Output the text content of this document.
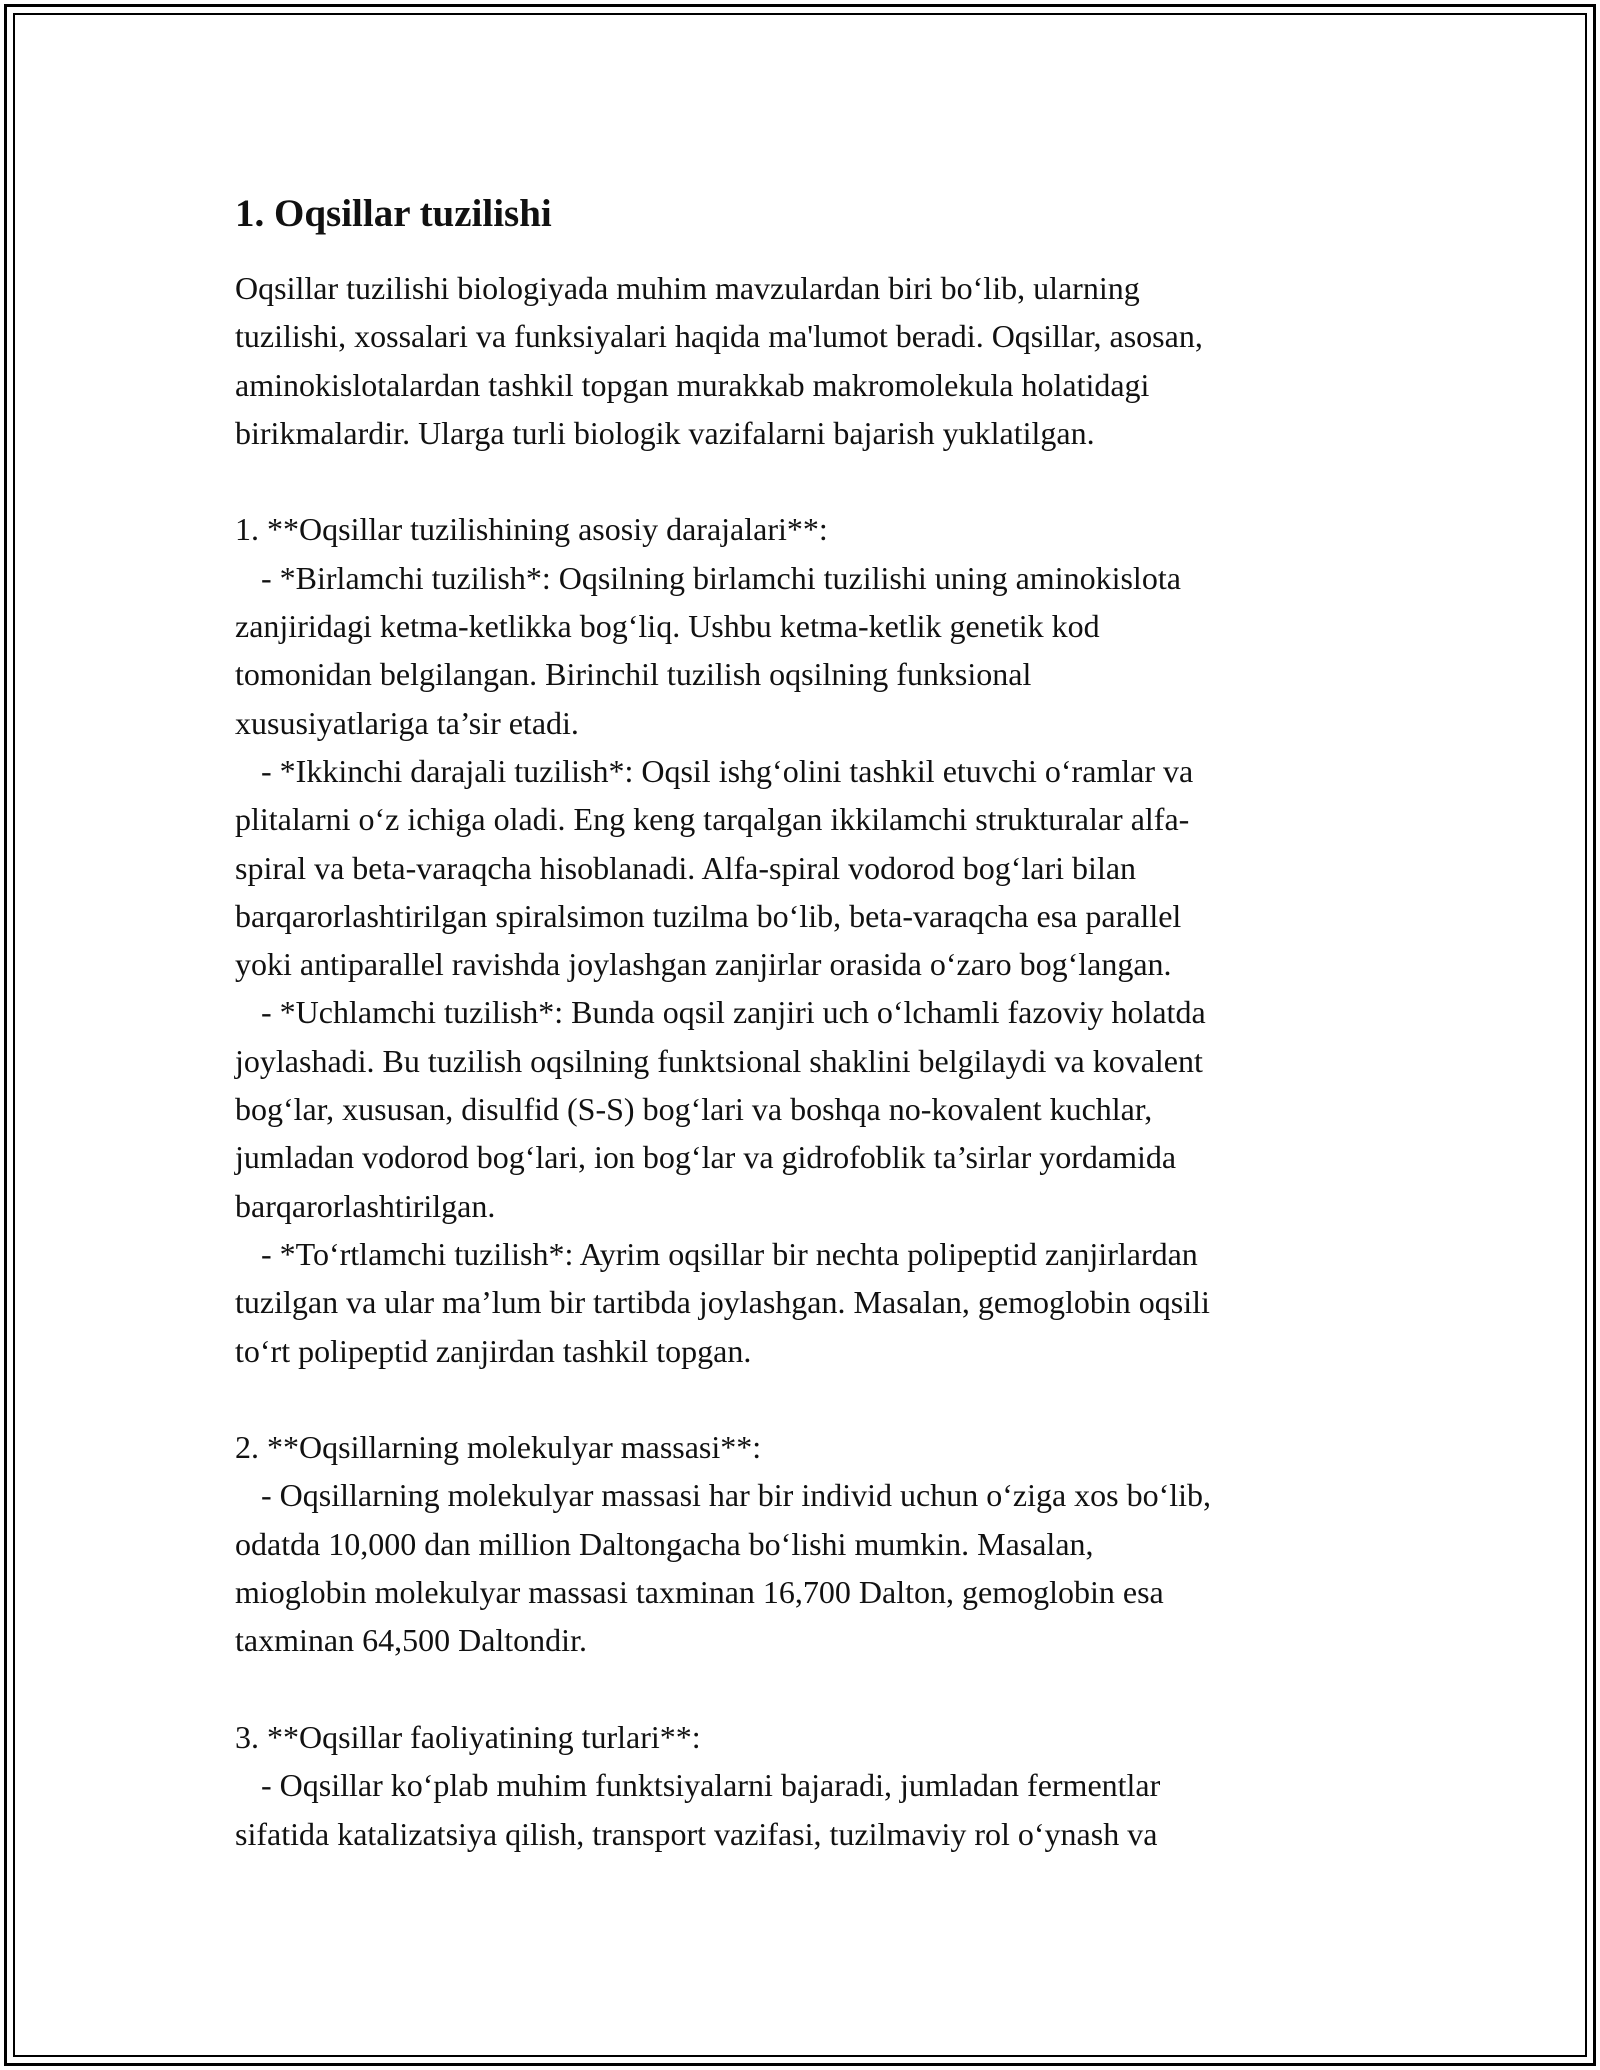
1. Oqsillar tuzilishi
Oqsillar tuzilishi biologiyada muhim mavzulardan biri bo‘lib, ularning
tuzilishi, xossalari va funksiyalari haqida ma'lumot beradi. Oqsillar, asosan,
aminokislotalardan tashkil topgan murakkab makromolekula holatidagi
birikmalardir. Ularga turli biologik vazifalarni bajarish yuklatilgan.
1. **Oqsillar tuzilishining asosiy darajalari**:
- *Birlamchi tuzilish*: Oqsilning birlamchi tuzilishi uning aminokislota
zanjiridagi ketma-ketlikka bog‘liq. Ushbu ketma-ketlik genetik kod
tomonidan belgilangan. Birinchil tuzilish oqsilning funksional
xususiyatlariga ta’sir etadi.
- *Ikkinchi darajali tuzilish*: Oqsil ishg‘olini tashkil etuvchi o‘ramlar va
plitalarni o‘z ichiga oladi. Eng keng tarqalgan ikkilamchi strukturalar alfa-
spiral va beta-varaqcha hisoblanadi. Alfa-spiral vodorod bog‘lari bilan
barqarorlashtirilgan spiralsimon tuzilma bo‘lib, beta-varaqcha esa parallel
yoki antiparallel ravishda joylashgan zanjirlar orasida o‘zaro bog‘langan.
- *Uchlamchi tuzilish*: Bunda oqsil zanjiri uch o‘lchamli fazoviy holatda
joylashadi. Bu tuzilish oqsilning funktsional shaklini belgilaydi va kovalent
bog‘lar, xususan, disulfid (S-S) bog‘lari va boshqa no-kovalent kuchlar,
jumladan vodorod bog‘lari, ion bog‘lar va gidrofoblik ta’sirlar yordamida
barqarorlashtirilgan.
- *To‘rtlamchi tuzilish*: Ayrim oqsillar bir nechta polipeptid zanjirlardan
tuzilgan va ular ma’lum bir tartibda joylashgan. Masalan, gemoglobin oqsili
to‘rt polipeptid zanjirdan tashkil topgan.
2. **Oqsillarning molekulyar massasi**:
- Oqsillarning molekulyar massasi har bir individ uchun o‘ziga xos bo‘lib,
odatda 10,000 dan million Daltongacha bo‘lishi mumkin. Masalan,
mioglobin molekulyar massasi taxminan 16,700 Dalton, gemoglobin esa
taxminan 64,500 Daltondir.
3. **Oqsillar faoliyatining turlari**:
- Oqsillar ko‘plab muhim funktsiyalarni bajaradi, jumladan fermentlar
sifatida katalizatsiya qilish, transport vazifasi, tuzilmaviy rol o‘ynash va
